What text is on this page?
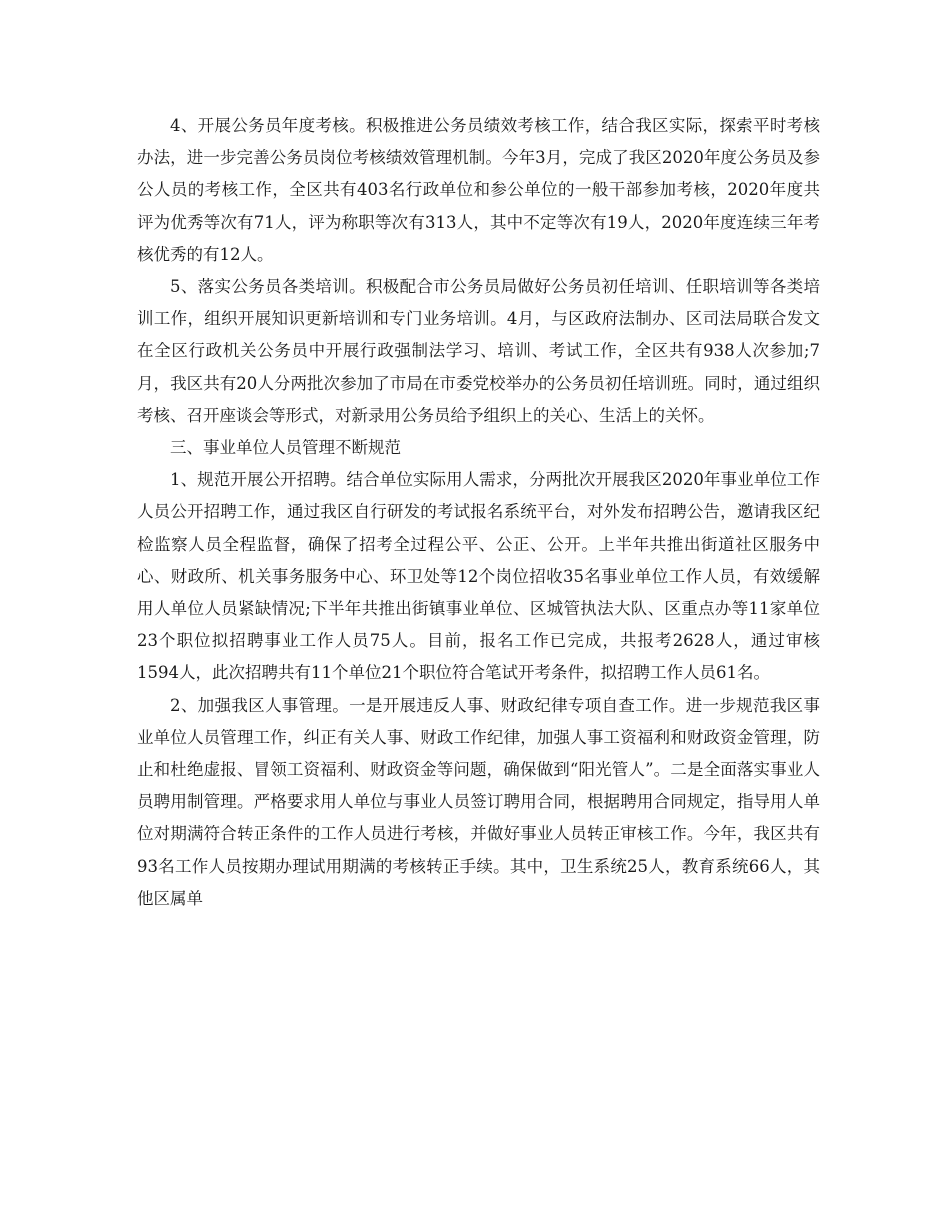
4、开展公务员年度考核。积极推进公务员绩效考核工作，结合我区实际，探索平时考核办法，进一步完善公务员岗位考核绩效管理机制。今年3月，完成了我区2020年度公务员及参公人员的考核工作，全区共有403名行政单位和参公单位的一般干部参加考核，2020年度共评为优秀等次有71人，评为称职等次有313人，其中不定等次有19人，2020年度连续三年考核优秀的有12人。

5、落实公务员各类培训。积极配合市公务员局做好公务员初任培训、任职培训等各类培训工作，组织开展知识更新培训和专门业务培训。4月，与区政府法制办、区司法局联合发文在全区行政机关公务员中开展行政强制法学习、培训、考试工作，全区共有938人次参加;7月，我区共有20人分两批次参加了市局在市委党校举办的公务员初任培训班。同时，通过组织考核、召开座谈会等形式，对新录用公务员给予组织上的关心、生活上的关怀。

三、事业单位人员管理不断规范

1、规范开展公开招聘。结合单位实际用人需求，分两批次开展我区2020年事业单位工作人员公开招聘工作，通过我区自行研发的考试报名系统平台，对外发布招聘公告，邀请我区纪检监察人员全程监督，确保了招考全过程公平、公正、公开。上半年共推出街道社区服务中心、财政所、机关事务服务中心、环卫处等12个岗位招收35名事业单位工作人员，有效缓解用人单位人员紧缺情况;下半年共推出街镇事业单位、区城管执法大队、区重点办等11家单位23个职位拟招聘事业工作人员75人。目前，报名工作已完成，共报考2628人，通过审核1594人，此次招聘共有11个单位21个职位符合笔试开考条件，拟招聘工作人员61名。

2、加强我区人事管理。一是开展违反人事、财政纪律专项自查工作。进一步规范我区事业单位人员管理工作，纠正有关人事、财政工作纪律，加强人事工资福利和财政资金管理，防止和杜绝虚报、冒领工资福利、财政资金等问题，确保做到“阳光管人”。二是全面落实事业人员聘用制管理。严格要求用人单位与事业人员签订聘用合同，根据聘用合同规定，指导用人单位对期满符合转正条件的工作人员进行考核，并做好事业人员转正审核工作。今年，我区共有93名工作人员按期办理试用期满的考核转正手续。其中，卫生系统25人，教育系统66人，其他区属单
